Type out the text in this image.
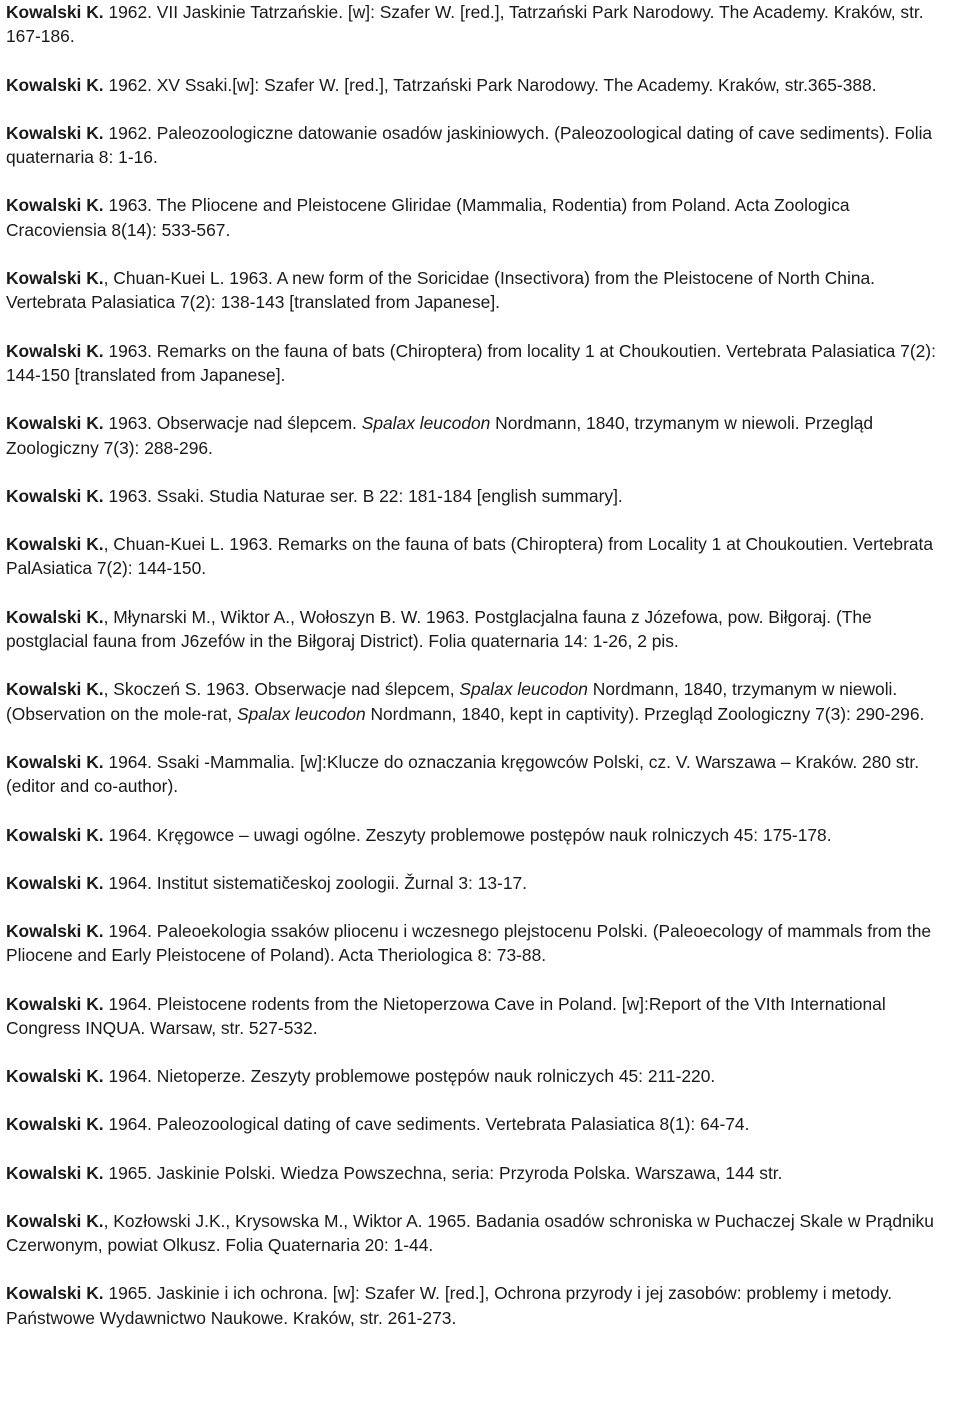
Kowalski K. 1962. VII Jaskinie Tatrzańskie. [w]: Szafer W. [red.], Tatrzański Park Narodowy. The Academy. Kraków, str. 167-186.

Kowalski K. 1962. XV Ssaki.[w]: Szafer W. [red.], Tatrzański Park Narodowy. The Academy. Kraków, str.365-388.

Kowalski K. 1962. Paleozoologiczne datowanie osadów jaskiniowych. (Paleozoological dating of cave sediments). Folia quaternaria 8: 1-16.

Kowalski K. 1963. The Pliocene and Pleistocene Gliridae (Mammalia, Rodentia) from Poland. Acta Zoologica Cracoviensia 8(14): 533-567.

Kowalski K., Chuan-Kuei L. 1963. A new form of the Soricidae (Insectivora) from the Pleistocene of North China. Vertebrata Palasiatica 7(2): 138-143 [translated from Japanese].

Kowalski K. 1963. Remarks on the fauna of bats (Chiroptera) from locality 1 at Choukoutien. Vertebrata Palasiatica 7(2): 144-150 [translated from Japanese].

Kowalski K. 1963. Obserwacje nad ślepcem. Spalax leucodon Nordmann, 1840, trzymanym w niewoli. Przegląd Zoologiczny 7(3): 288-296.

Kowalski K. 1963. Ssaki. Studia Naturae ser. B 22: 181-184 [english summary].

Kowalski K., Chuan-Kuei L. 1963. Remarks on the fauna of bats (Chiroptera) from Locality 1 at Choukoutien. Vertebrata PalAsiatica 7(2): 144-150.

Kowalski K., Młynarski M., Wiktor A., Wołoszyn B. W. 1963. Postglacjalna fauna z Józefowa, pow. Biłgoraj. (The postglacial fauna from J6zefów in the Biłgoraj District). Folia quaternaria 14: 1-26, 2 pis.

Kowalski K., Skoczeń S. 1963. Obserwacje nad ślepcem, Spalax leucodon Nordmann, 1840, trzymanym w niewoli. (Observation on the mole-rat, Spalax leucodon Nordmann, 1840, kept in captivity). Przegląd Zoologiczny 7(3): 290-296.

Kowalski K. 1964. Ssaki -Mammalia. [w]:Klucze do oznaczania kręgowców Polski, cz. V. Warszawa – Kraków. 280 str. (editor and co-author).

Kowalski K. 1964. Kręgowce – uwagi ogólne. Zeszyty problemowe postępów nauk rolniczych 45: 175-178.

Kowalski K. 1964. Institut sistematičeskoj zoologii. Žurnal 3: 13-17.

Kowalski K. 1964. Paleoekologia ssaków pliocenu i wczesnego plejstocenu Polski. (Paleoecology of mammals from the Pliocene and Early Pleistocene of Poland). Acta Theriologica 8: 73-88.

Kowalski K. 1964. Pleistocene rodents from the Nietoperzowa Cave in Poland. [w]:Report of the VIth International Congress INQUA. Warsaw, str. 527-532.

Kowalski K. 1964. Nietoperze. Zeszyty problemowe postępów nauk rolniczych 45: 211-220.

Kowalski K. 1964. Paleozoological dating of cave sediments. Vertebrata Palasiatica 8(1): 64-74.

Kowalski K. 1965. Jaskinie Polski. Wiedza Powszechna, seria: Przyroda Polska. Warszawa, 144 str.

Kowalski K., Kozłowski J.K., Krysowska M., Wiktor A. 1965. Badania osadów schroniska w Puchaczej Skale w Prądniku Czerwonym, powiat Olkusz. Folia Quaternaria 20: 1-44.

Kowalski K. 1965. Jaskinie i ich ochrona. [w]: Szafer W. [red.], Ochrona przyrody i jej zasobów: problemy i metody. Państwowe Wydawnictwo Naukowe. Kraków, str. 261-273.
